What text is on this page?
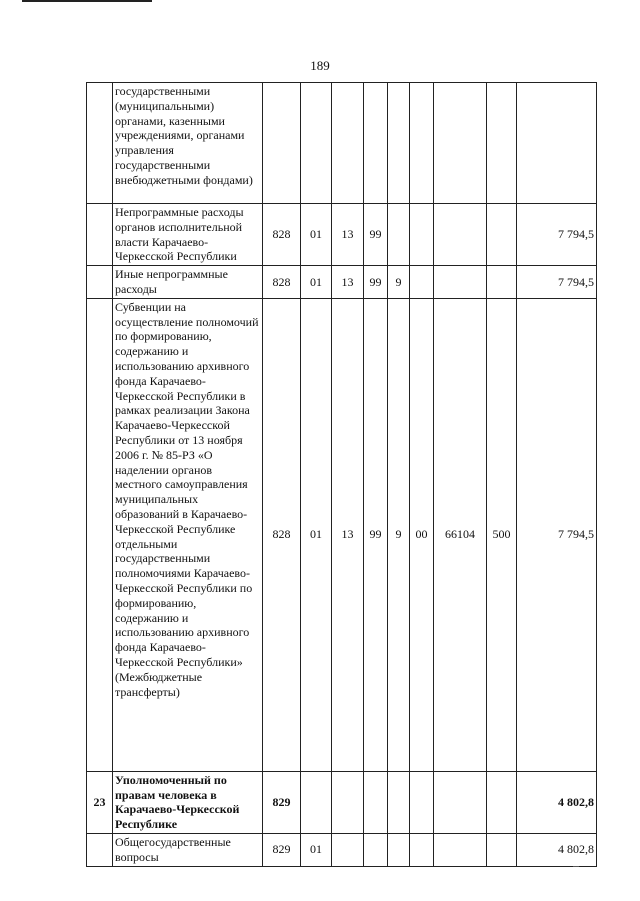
189
	государственными (муниципальными) органами, казенными учреждениями, органами управления государственными внебюджетными фондами)									
	Непрограммные расходы органов исполнительной власти Карачаево-Черкесской Республики	828	01	13	99					7 794,5
	Иные непрограммные расходы	828	01	13	99	9				7 794,5
	Субвенции на осуществление полномочий по формированию, содержанию и использованию архивного фонда Карачаево-Черкесской Республики в рамках реализации Закона Карачаево-Черкесской Республики от 13 ноября 2006 г. № 85-РЗ «О наделении органов местного самоуправления муниципальных образований в Карачаево-Черкесской Республике отдельными государственными полномочиями Карачаево-Черкесской Республики по формированию, содержанию и использованию архивного фонда Карачаево-Черкесской Республики» (Межбюджетные трансферты)	828	01	13	99	9	00	66104	500	7 794,5
23	Уполномоченный по правам человека в Карачаево-Черкесской Республике	829								4 802,8
	Общегосударственные вопросы	829	01							4 802,8
